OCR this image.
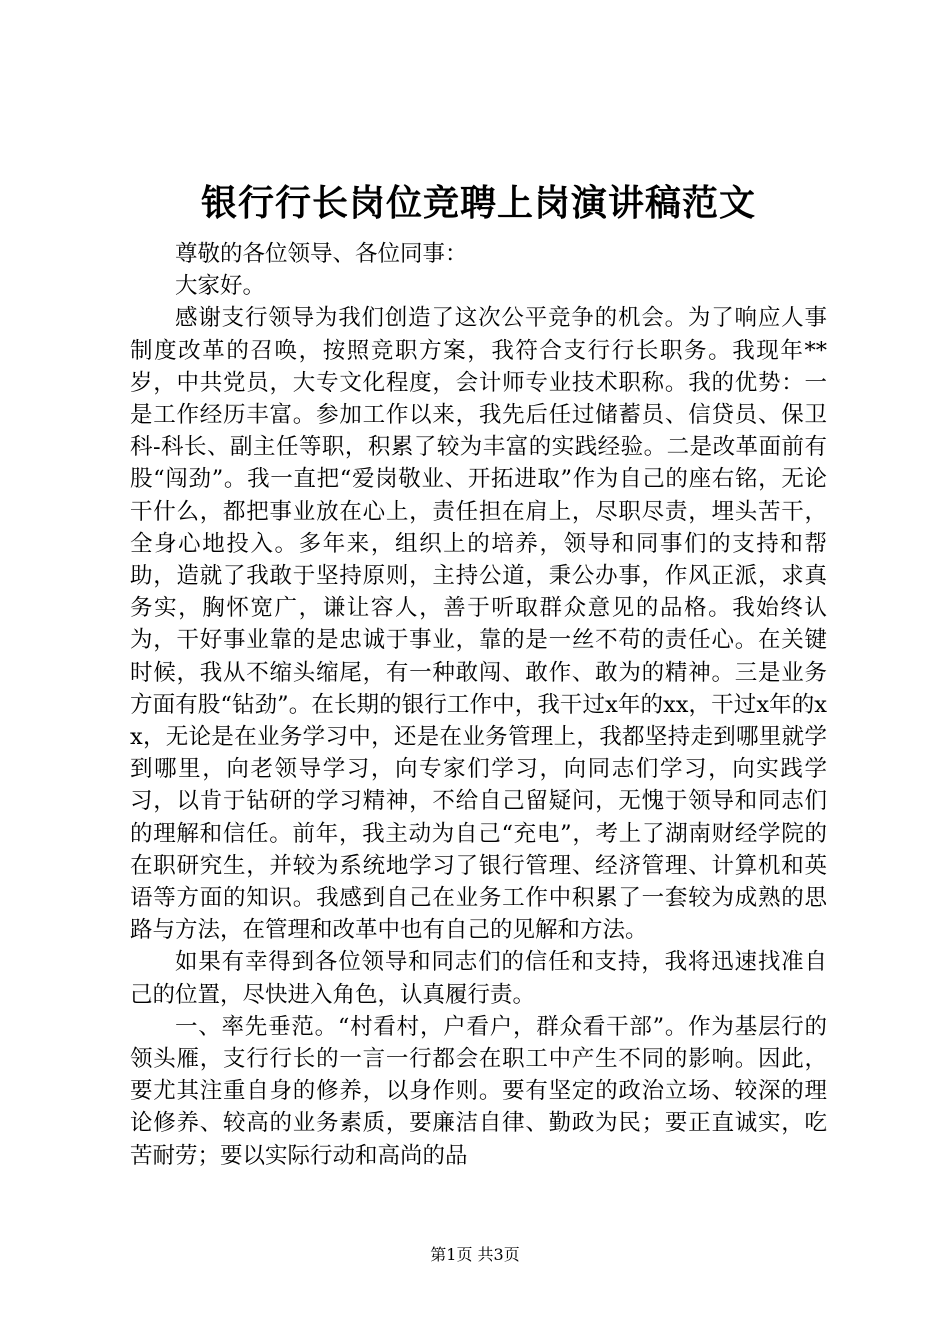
银行行长岗位竞聘上岗演讲稿范文

尊敬的各位领导、各位同事：

大家好。

感谢支行领导为我们创造了这次公平竞争的机会。为了响应人事制度改革的召唤，按照竞职方案，我符合支行行长职务。我现年**岁，中共党员，大专文化程度，会计师专业技术职称。我的优势：一是工作经历丰富。参加工作以来，我先后任过储蓄员、信贷员、保卫科-科长、副主任等职，积累了较为丰富的实践经验。二是改革面前有股“闯劲”。我一直把“爱岗敬业、开拓进取”作为自己的座右铭，无论干什么，都把事业放在心上，责任担在肩上，尽职尽责，埋头苦干，全身心地投入。多年来，组织上的培养，领导和同事们的支持和帮助，造就了我敢于坚持原则，主持公道，秉公办事，作风正派，求真务实，胸怀宽广，谦让容人，善于听取群众意见的品格。我始终认为，干好事业靠的是忠诚于事业，靠的是一丝不苟的责任心。在关键时候，我从不缩头缩尾，有一种敢闯、敢作、敢为的精神。三是业务方面有股“钻劲”。在长期的银行工作中，我干过x年的xx，干过x年的xx，无论是在业务学习中，还是在业务管理上，我都坚持走到哪里就学到哪里，向老领导学习，向专家们学习，向同志们学习，向实践学习，以肯于钻研的学习精神，不给自己留疑问，无愧于领导和同志们的理解和信任。前年，我主动为自己“充电”，考上了湖南财经学院的在职研究生，并较为系统地学习了银行管理、经济管理、计算机和英语等方面的知识。我感到自己在业务工作中积累了一套较为成熟的思路与方法，在管理和改革中也有自己的见解和方法。

如果有幸得到各位领导和同志们的信任和支持，我将迅速找准自己的位置，尽快进入角色，认真履行责。

一、率先垂范。“村看村，户看户，群众看干部”。作为基层行的领头雁，支行行长的一言一行都会在职工中产生不同的影响。因此，要尤其注重自身的修养，以身作则。要有坚定的政治立场、较深的理论修养、较高的业务素质，要廉洁自律、勤政为民；要正直诚实，吃苦耐劳；要以实际行动和高尚的品

第1页 共3页
